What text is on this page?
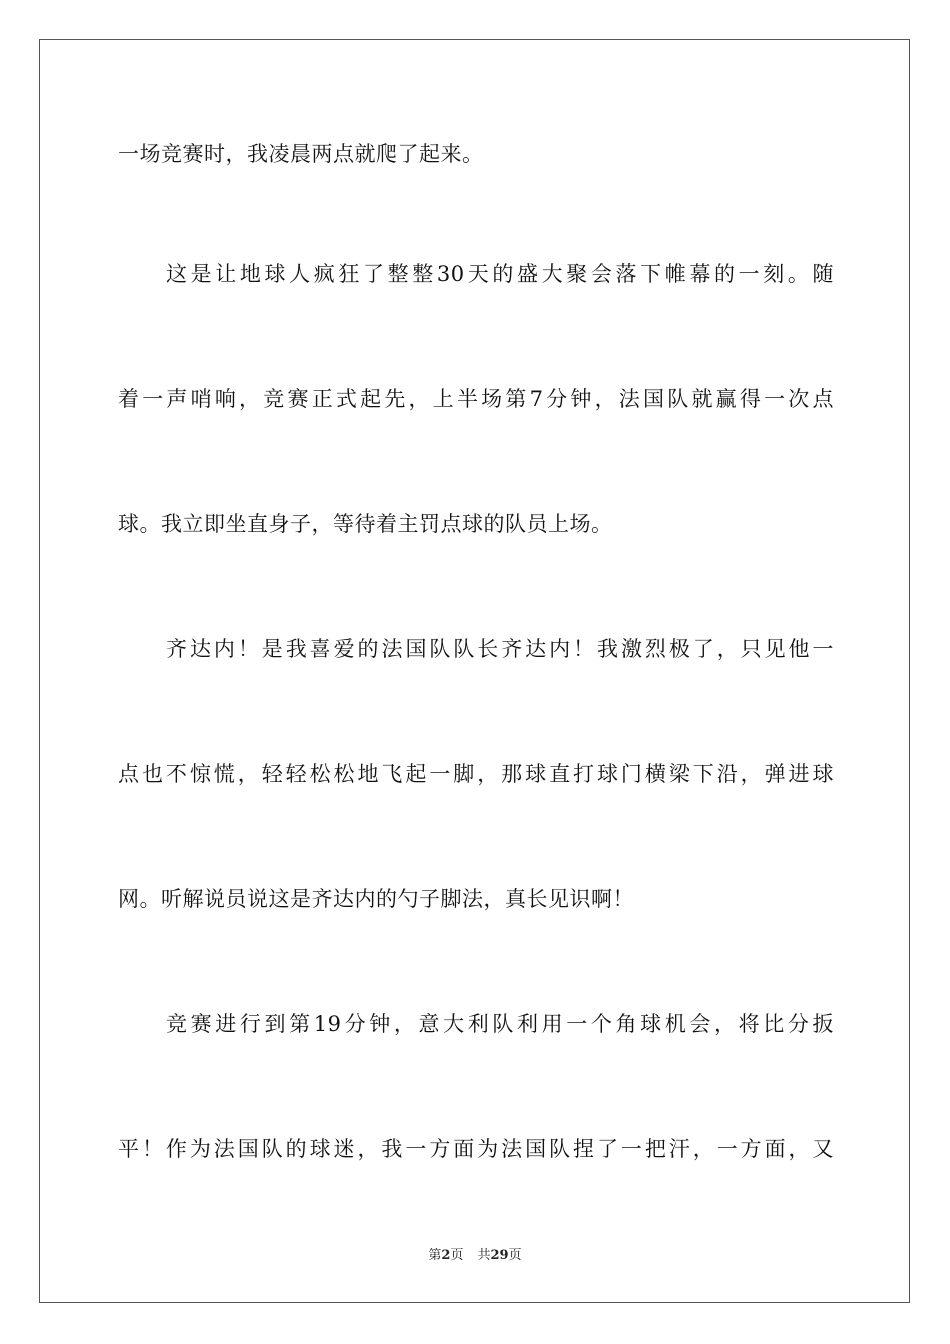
一场竞赛时，我凌晨两点就爬了起来。
这是让地球人疯狂了整整30天的盛大聚会落下帷幕的一刻。随
着一声哨响，竞赛正式起先，上半场第7分钟，法国队就赢得一次点
球。我立即坐直身子，等待着主罚点球的队员上场。
齐达内！是我喜爱的法国队队长齐达内！我激烈极了，只见他一
点也不惊慌，轻轻松松地飞起一脚，那球直打球门横梁下沿，弹进球
网。听解说员说这是齐达内的勺子脚法，真长见识啊！
竞赛进行到第19分钟，意大利队利用一个角球机会，将比分扳
平！作为法国队的球迷，我一方面为法国队捏了一把汗，一方面，又
第2页 共29页
